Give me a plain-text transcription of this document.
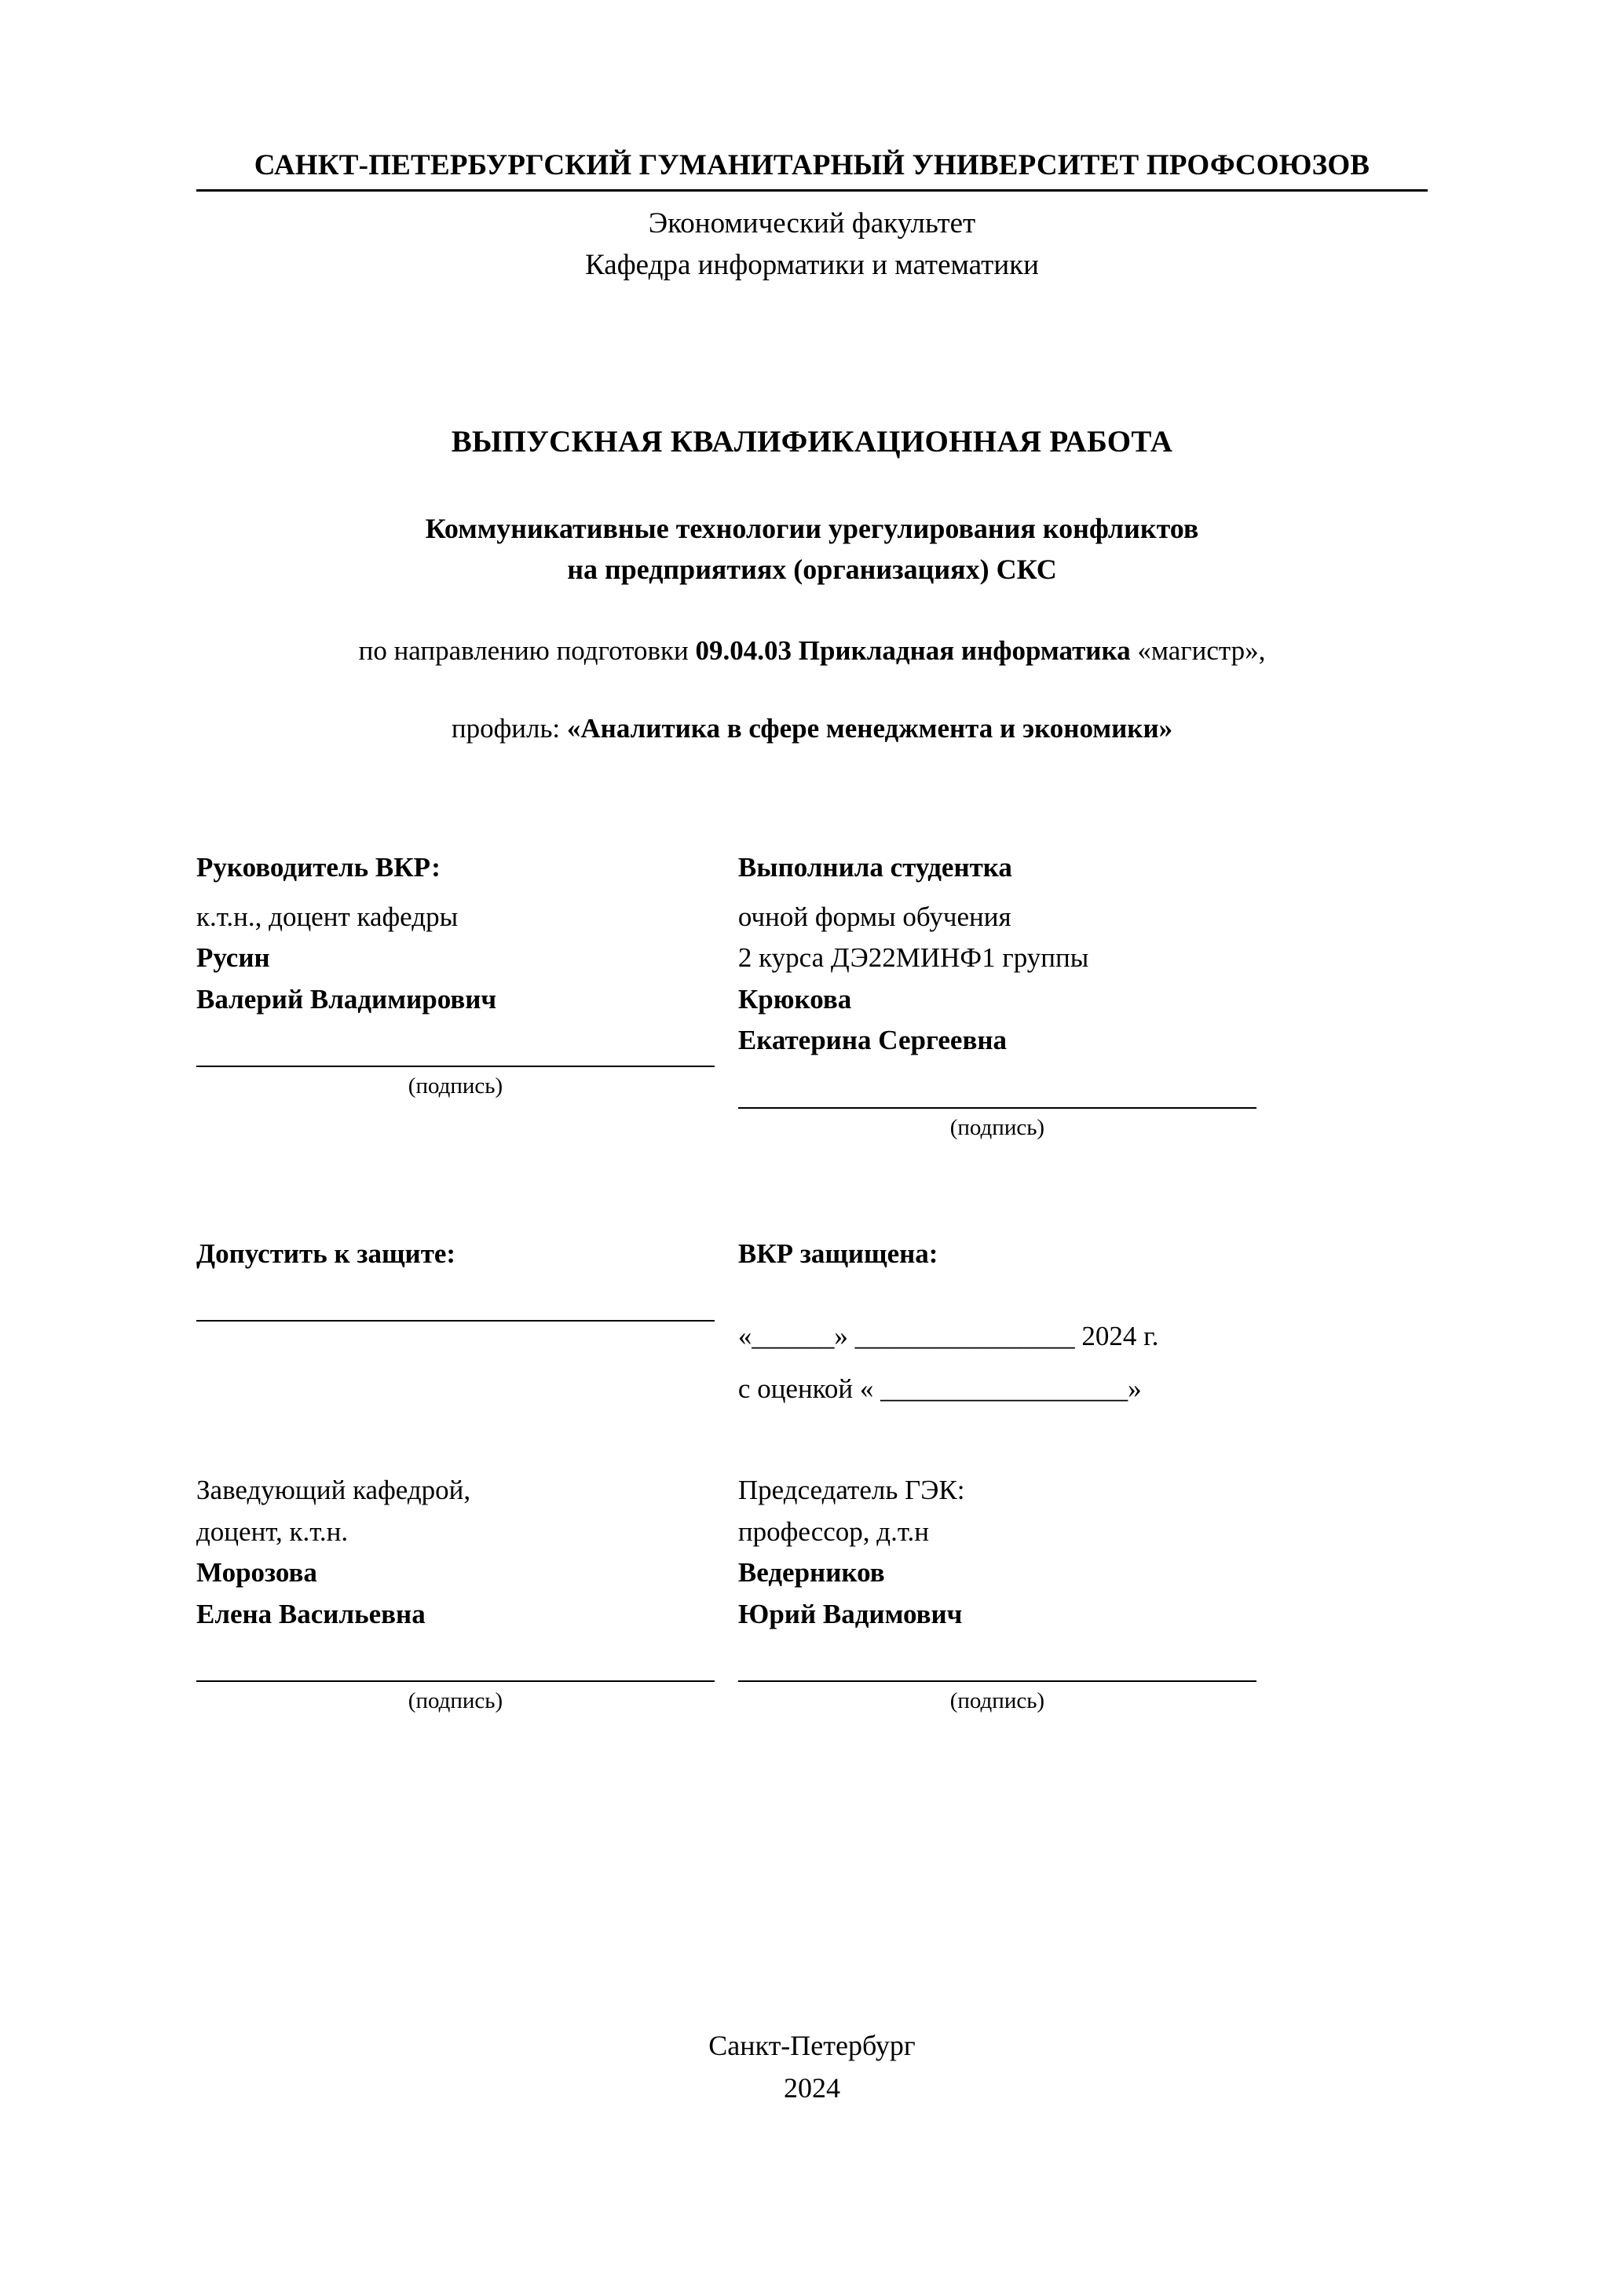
САНКТ-ПЕТЕРБУРГСКИЙ ГУМАНИТАРНЫЙ УНИВЕРСИТЕТ ПРОФСОЮЗОВ
Экономический факультет
Кафедра информатики и математики
ВЫПУСКНАЯ КВАЛИФИКАЦИОННАЯ РАБОТА
Коммуникативные технологии урегулирования конфликтов
на предприятиях (организациях) СКС
по направлению подготовки 09.04.03 Прикладная информатика «магистр»,
профиль: «Аналитика в сфере менеджмента и экономики»
Руководитель ВКР:
к.т.н., доцент кафедры
Русин
Валерий Владимирович
(подпись)
Выполнила студентка
очной формы обучения
2 курса ДЭ22МИНФ1 группы
Крюкова
Екатерина Сергеевна
(подпись)
Допустить к защите:	ВКР защищена:
«______» ________________ 2024 г.
с оценкой « __________________»
Заведующий кафедрой,
доцент, к.т.н.
Морозова
Елена Васильевна
(подпись)
Председатель ГЭК:
профессор, д.т.н
Ведерников
Юрий Вадимович
(подпись)
Санкт-Петербург
2024
